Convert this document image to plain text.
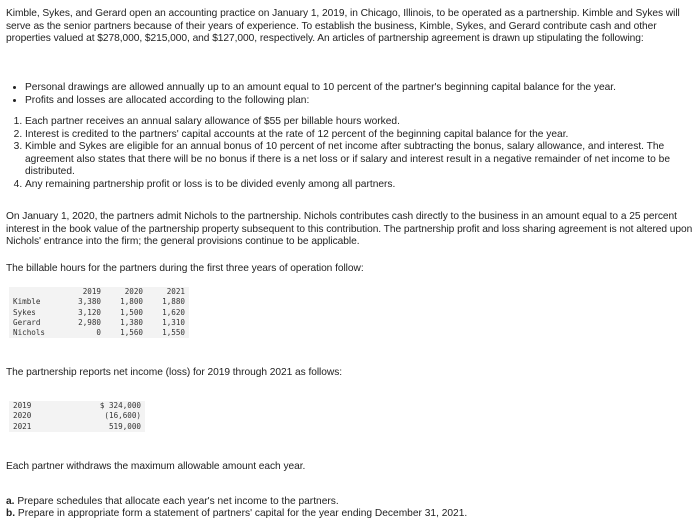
Kimble, Sykes, and Gerard open an accounting practice on January 1, 2019, in Chicago, Illinois, to be operated as a partnership. Kimble and Sykes will serve as the senior partners because of their years of experience. To establish the business, Kimble, Sykes, and Gerard contribute cash and other properties valued at $278,000, $215,000, and $127,000, respectively. An articles of partnership agreement is drawn up stipulating the following:

• Personal drawings are allowed annually up to an amount equal to 10 percent of the partner's beginning capital balance for the year.
• Profits and losses are allocated according to the following plan:
1. Each partner receives an annual salary allowance of $55 per billable hours worked.
2. Interest is credited to the partners' capital accounts at the rate of 12 percent of the beginning capital balance for the year.
3. Kimble and Sykes are eligible for an annual bonus of 10 percent of net income after subtracting the bonus, salary allowance, and interest. The agreement also states that there will be no bonus if there is a net loss or if salary and interest result in a negative remainder of net income to be distributed.
4. Any remaining partnership profit or loss is to be divided evenly among all partners.

On January 1, 2020, the partners admit Nichols to the partnership. Nichols contributes cash directly to the business in an amount equal to a 25 percent interest in the book value of the partnership property subsequent to this contribution. The partnership profit and loss sharing agreement is not altered upon Nichols' entrance into the firm; the general provisions continue to be applicable.

The billable hours for the partners during the first three years of operation follow:

	2019	2020	2021
Kimble	3,380	1,800	1,880
Sykes	3,120	1,500	1,620
Gerard	2,980	1,380	1,310
Nichols	0	1,560	1,550

The partnership reports net income (loss) for 2019 through 2021 as follows:

2019	$ 324,000
2020	(16,600)
2021	519,000

Each partner withdraws the maximum allowable amount each year.

a. Prepare schedules that allocate each year's net income to the partners.
b. Prepare in appropriate form a statement of partners' capital for the year ending December 31, 2021.
